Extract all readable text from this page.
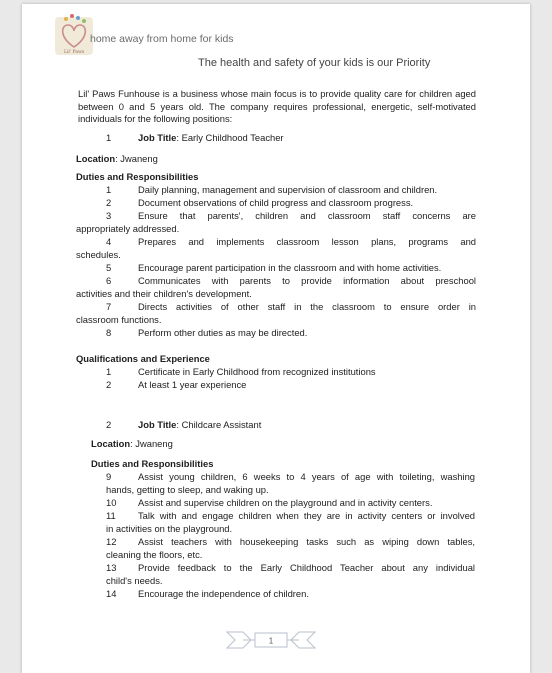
Lil' Paws
home away from home for kids
The health and safety of your kids is our Priority
Lil' Paws Funhouse is a business whose main focus is to provide quality care for children aged between 0 and 5 years old. The company requires professional, energetic, self-motivated individuals for the following positions:
1	Job Title: Early Childhood Teacher
Location: Jwaneng
Duties and Responsibilities
1	Daily planning, management and supervision of classroom and children.
2	Document observations of child progress and classroom progress.
3	Ensure that parents', children and classroom staff concerns are
appropriately addressed.
4	Prepares and implements classroom lesson plans, programs and
schedules.
5	Encourage parent participation in the classroom and with home activities.
6	Communicates with parents to provide information about preschool
activities and their children's development.
7	Directs activities of other staff in the classroom to ensure order in
classroom functions.
8	Perform other duties as may be directed.
Qualifications and Experience
1	Certificate in Early Childhood from recognized institutions
2	At least 1 year experience
2	Job Title: Childcare Assistant
Location: Jwaneng
Duties and Responsibilities
9	Assist young children, 6 weeks to 4 years of age with toileting, washing
hands, getting to sleep, and waking up.
10 Assist and supervise children on the playground and in activity centers.
11 Talk with and engage children when they are in activity centers or involved
in activities on the playground.
12 Assist teachers with housekeeping tasks such as wiping down tables,
cleaning the floors, etc.
13 Provide feedback to the Early Childhood Teacher about any individual
child's needs.
14 Encourage the independence of children.
1
